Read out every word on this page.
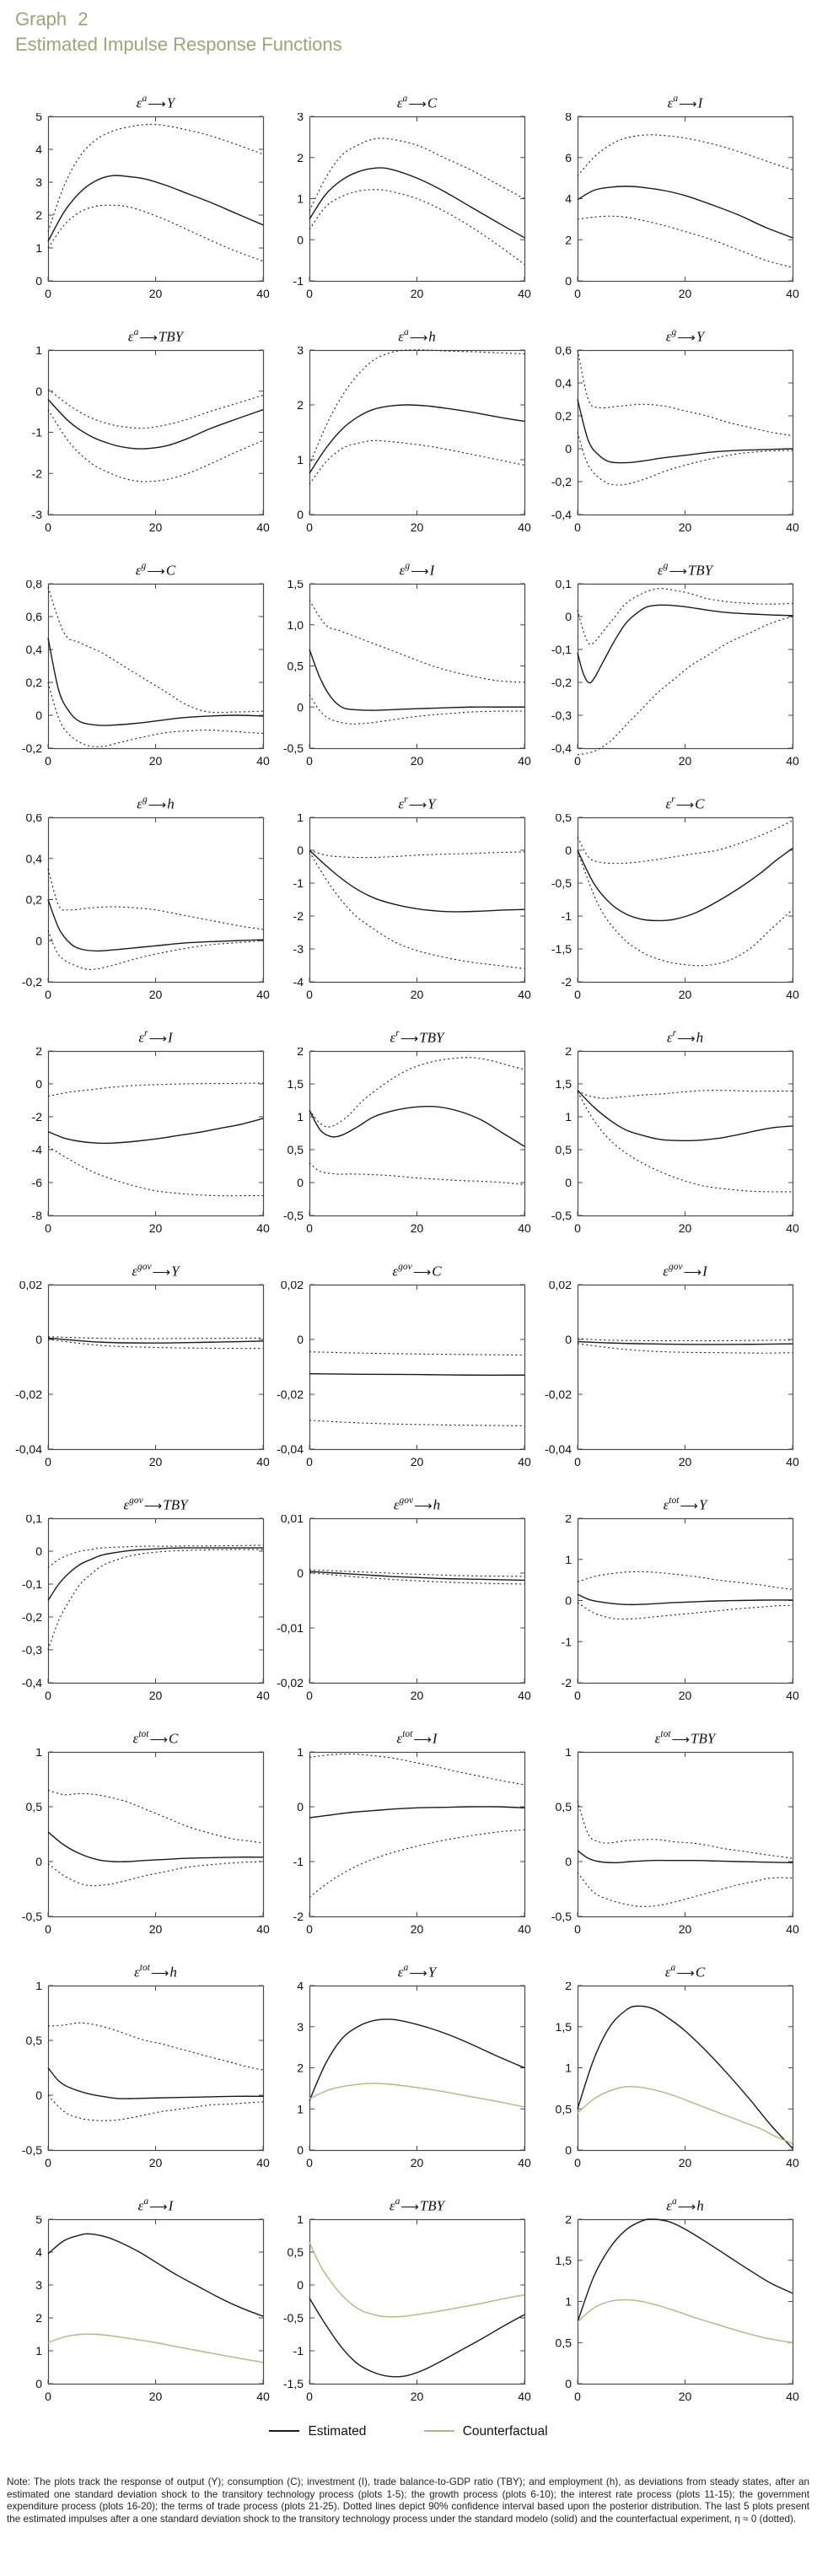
Graph 2
Estimated Impulse Response Functions
$\varepsilon^a⟶Y$
5
4
3
2
1
0
0	20	40
$\varepsilon^a⟶C$
3
2
1
0
-1
0	20	40
$\varepsilon^a⟶I$
8
6
4
2
0
0	20	40
$\varepsilon^a⟶TBY$
1
0
-1
-2
-3
0	20	40
$\varepsilon^a⟶h$
3
2
1
0
0	20	40
$\varepsilon^g⟶Y$
0,6
0,4
0,2
0
-0,2
-0,4
0	20	40
$\varepsilon^g⟶C$
0,8
0,6
0,4
0,2
0
-0,2
0	20	40
$\varepsilon^g⟶I$
1,5
1,0
0,5
0
-0,5
0	20	40
$\varepsilon^g⟶TBY$
0,1
0
-0,1
-0,2
-0,3
-0,4
0	20	40
$\varepsilon^g⟶h$
0,6
0,4
0,2
0
-0,2
0	20	40
$\varepsilon^r⟶Y$
1
0
-1
-2
-3
-4
0	20	40
$\varepsilon^r⟶C$
0,5
0
-0,5
-1
-1,5
-2
0	20	40
$\varepsilon^r⟶I$
2
0
-2
-4
-6
-8
0	20	40
$\varepsilon^r⟶TBY$
2
1,5
1
0,5
0
-0,5
0	20	40
$\varepsilon^r⟶h$
2
1,5
1
0,5
0
-0,5
0	20	40
$\varepsilon^{gov}⟶Y$
0,02
0
-0,02
-0,04
0	20	40
$\varepsilon^{gov}⟶C$
0,02
0
-0,02
-0,04
0	20	40
$\varepsilon^{gov}⟶I$
0,02
0
-0,02
-0,04
0	20	40
$\varepsilon^{gov}⟶TBY$
0,1
0
-0,1
-0,2
-0,3
-0,4
0	20	40
$\varepsilon^{gov}⟶h$
0,01
0
-0,01
-0,02
0	20	40
$\varepsilon^{tot}⟶Y$
2
1
0
-1
-2
0	20	40
$\varepsilon^{tot}⟶C$
1
0,5
0
-0,5
0	20	40
$\varepsilon^{tot}⟶I$
1
0
-1
-2
0	20	40
$\varepsilon^{tot}⟶TBY$
1
0,5
0
-0,5
0	20	40
$\varepsilon^{tot}⟶h$
1
0,5
0
-0,5
0	20	40
$\varepsilon^a⟶Y$
4
3
2
1
0
0	20	40
$\varepsilon^a⟶C$
2
1,5
1
0,5
0
0	20	40
$\varepsilon^a⟶I$
5
4
3
2
1
0
0	20	40
$\varepsilon^a⟶TBY$
1
0,5
0
-0,5
-1
-1,5
0	20	40
$\varepsilon^a⟶h$
2
1,5
1
0,5
0
0	20	40
Estimated	Counterfactual
Note: The plots track the response of output (Y); consumption (C); investment (I), trade balance-to-GDP ratio (TBY); and employment (h), as deviations from steady states, after an estimated one standard deviation shock to the transitory technology process (plots 1-5); the growth process (plots 6-10); the interest rate process (plots 11-15); the government expenditure process (plots 16-20); the terms of trade process (plots 21-25). Dotted lines depict 90% confidence interval based upon the posterior distribution. The last 5 plots present the estimated impulses after a one standard deviation shock to the transitory technology process under the standard modelo (solid) and the counterfactual experiment, η ≈ 0 (dotted).
